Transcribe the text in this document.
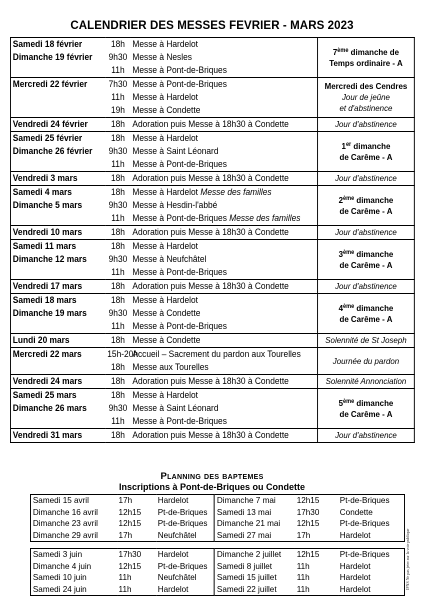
CALENDRIER DES MESSES FEVRIER - MARS 2023
Samedi 18 février	18h	Messe à Hardelot	7ème dimanche de
Temps ordinaire - A
Dimanche 19 février	9h30	Messe à Nesles	
	11h	Messe à Pont-de-Briques	
Mercredi 22 février	7h30	Messe à Pont-de-Briques	Mercredi des Cendres
Jour de jeûne
et d'abstinence
	11h	Messe à Hardelot	
	19h	Messe à Condette	
Vendredi 24 février	18h	Adoration puis Messe à 18h30 à Condette	Jour d'abstinence
Samedi 25 février	18h	Messe à Hardelot	1er dimanche
de Carême - A
Dimanche 26 février	9h30	Messe à Saint Léonard	
	11h	Messe à Pont-de-Briques	
Vendredi 3 mars	18h	Adoration puis Messe à 18h30 à Condette	Jour d'abstinence
Samedi 4 mars	18h	Messe à Hardelot Messe des familles	2ème dimanche
de Carême - A
Dimanche 5 mars	9h30	Messe à Hesdin-l'abbé	
	11h	Messe à Pont-de-Briques Messe des familles	
Vendredi 10 mars	18h	Adoration puis Messe à 18h30 à Condette	Jour d'abstinence
Samedi 11 mars	18h	Messe à Hardelot	3ème dimanche
de Carême - A
Dimanche 12 mars	9h30	Messe à Neufchâtel	
	11h	Messe à Pont-de-Briques	
Vendredi 17 mars	18h	Adoration puis Messe à 18h30 à Condette	Jour d'abstinence
Samedi 18 mars	18h	Messe à Hardelot	4ème dimanche
de Carême - A
Dimanche 19 mars	9h30	Messe à Condette	
	11h	Messe à Pont-de-Briques	
Lundi 20 mars	18h	Messe à Condette	Solennité de St Joseph
Mercredi 22 mars	15h-20h	Accueil – Sacrement du pardon aux Tourelles	Journée du pardon
	18h	Messe aux Tourelles	
Vendredi 24 mars	18h	Adoration puis Messe à 18h30 à Condette	Solennité Annonciation
Samedi 25 mars	18h	Messe à Hardelot	5ème dimanche
de Carême - A
Dimanche 26 mars	9h30	Messe à Saint Léonard	
	11h	Messe à Pont-de-Briques	
Vendredi 31 mars	18h	Adoration puis Messe à 18h30 à Condette	Jour d'abstinence
Planning des baptemes
Inscriptions à Pont-de-Briques ou Condette
Samedi 15 avril	17h	Hardelot	Dimanche 7 mai	12h15	Pt-de-Briques
Dimanche 16 avril	12h15	Pt-de-Briques	Samedi 13 mai	17h30	Condette
Dimanche 23 avril	12h15	Pt-de-Briques	Dimanche 21 mai	12h15	Pt-de-Briques
Dimanche 29 avril	17h	Neufchâtel	Samedi 27 mai	17h	Hardelot

Samedi 3 juin	17h30	Hardelot	Dimanche 2 juillet	12h15	Pt-de-Briques
Dimanche 4 juin	12h15	Pt-de-Briques	Samedi 8 juillet	11h	Hardelot
Samedi 10 juin	11h	Neufchâtel	Samedi 15 juillet	11h	Hardelot
Samedi 24 juin	11h	Hardelot	Samedi 22 juillet	11h	Hardelot	IPNS Ne pas jeter sur la voie publique
